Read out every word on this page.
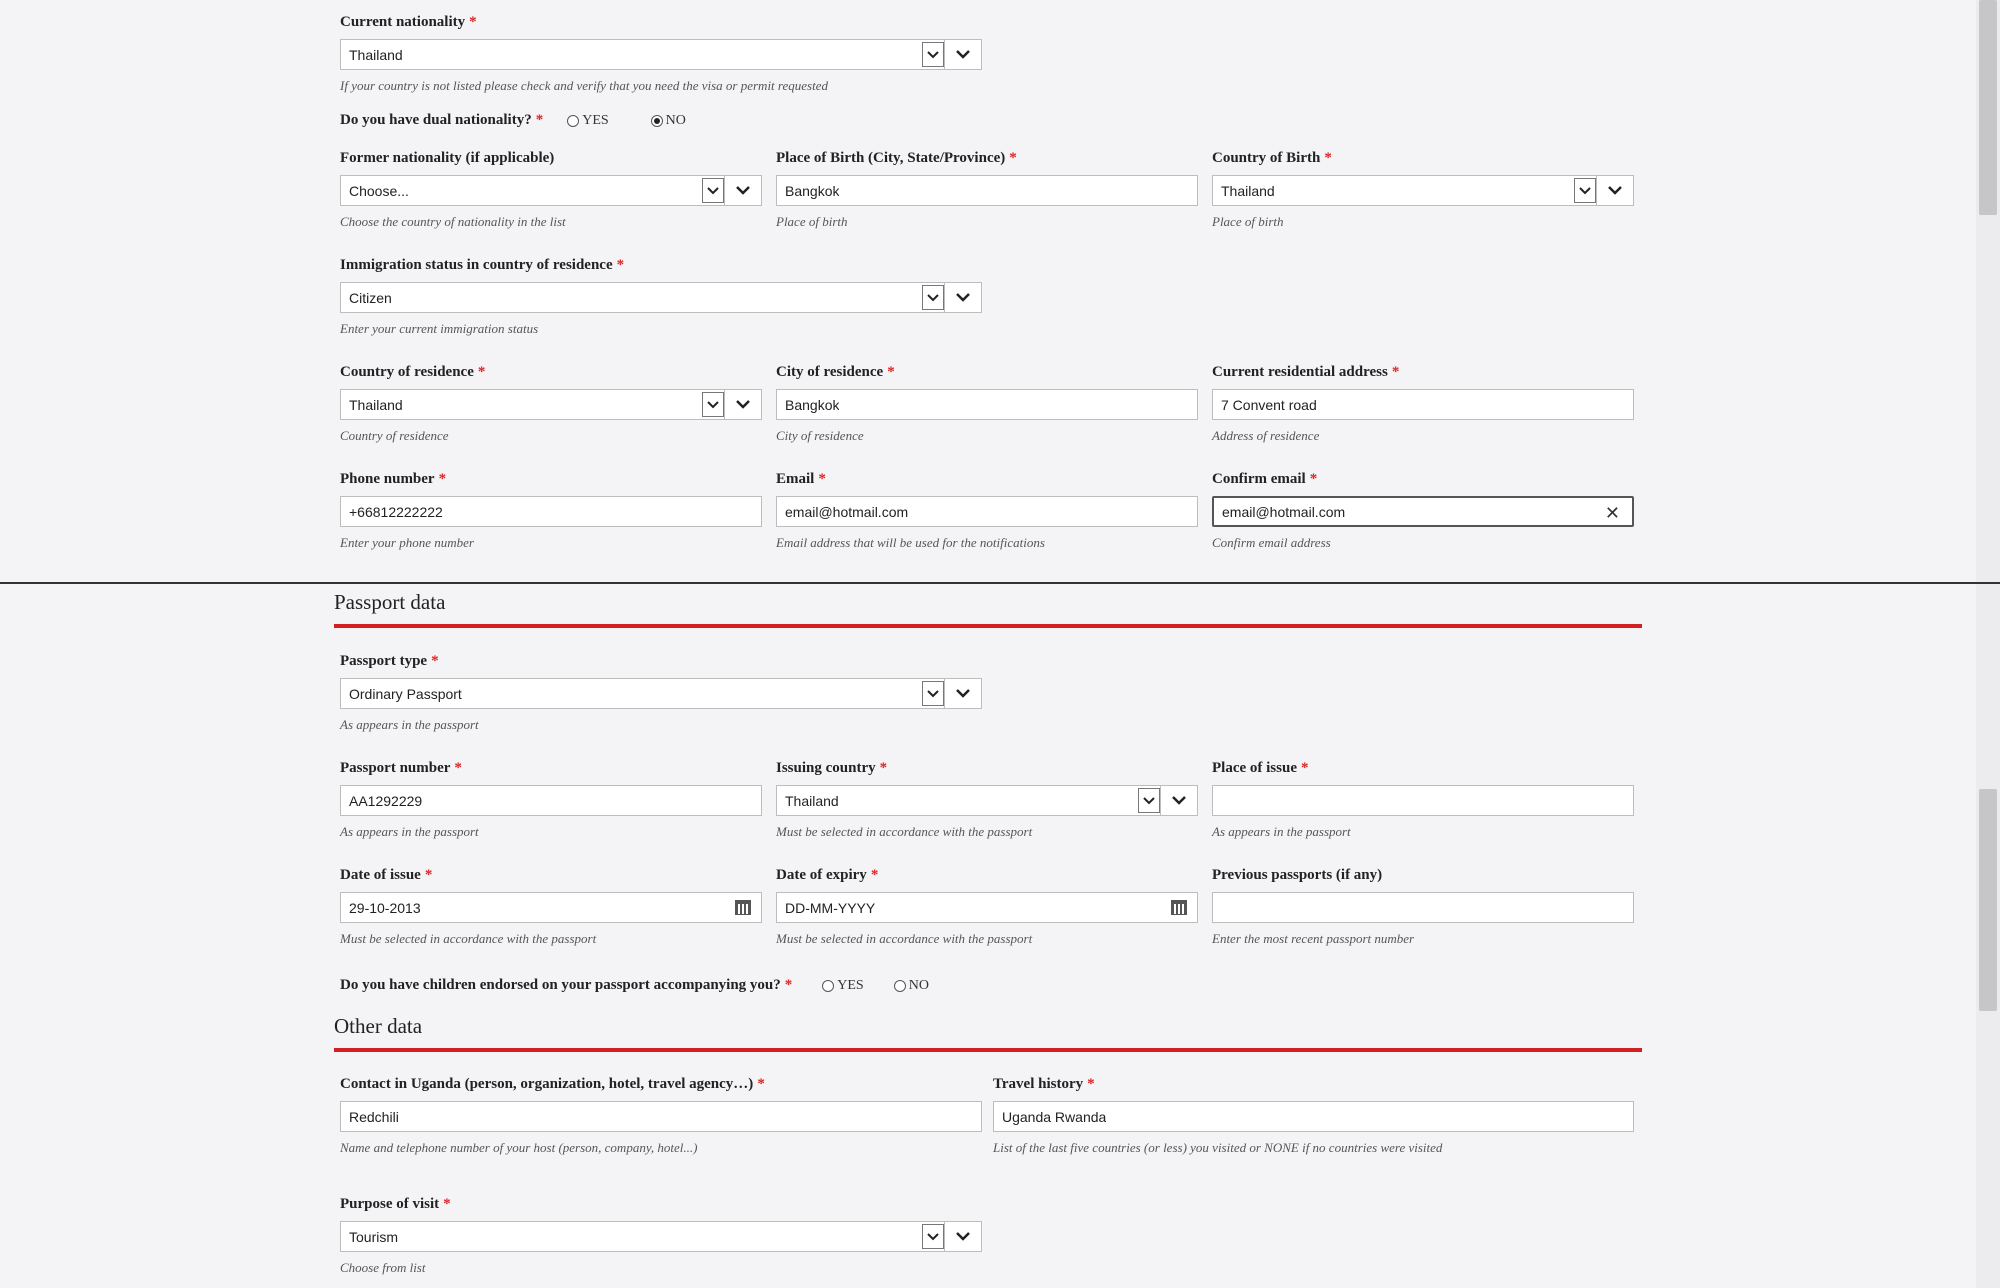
Current nationality *
Thailand
If your country is not listed please check and verify that you need the visa or permit requested
Do you have dual nationality? *	YES	NO
Former nationality (if applicable)
Choose...
Choose the country of nationality in the list
Place of Birth (City, State/Province) *
Bangkok
Place of birth
Country of Birth *
Thailand
Place of birth
Immigration status in country of residence *
Citizen
Enter your current immigration status
Country of residence *
Thailand
Country of residence
City of residence *
Bangkok
City of residence
Current residential address *
7 Convent road
Address of residence
Phone number *
+66812222222
Enter your phone number
Email *
email@hotmail.com
Email address that will be used for the notifications
Confirm email *
email@hotmail.com	✕
Confirm email address
Passport data
Passport type *
Ordinary Passport
As appears in the passport
Passport number *
AA1292229
As appears in the passport
Issuing country *
Thailand
Must be selected in accordance with the passport
Place of issue *
As appears in the passport
Date of issue *
29-10-2013
Must be selected in accordance with the passport
Date of expiry *
DD-MM-YYYY
Must be selected in accordance with the passport
Previous passports (if any)
Enter the most recent passport number
Do you have children endorsed on your passport accompanying you? *	YES	NO
Other data
Contact in Uganda (person, organization, hotel, travel agency…) *
Redchili
Name and telephone number of your host (person, company, hotel...)
Travel history *
Uganda Rwanda
List of the last five countries (or less) you visited or NONE if no countries were visited
Purpose of visit *
Tourism
Choose from list
